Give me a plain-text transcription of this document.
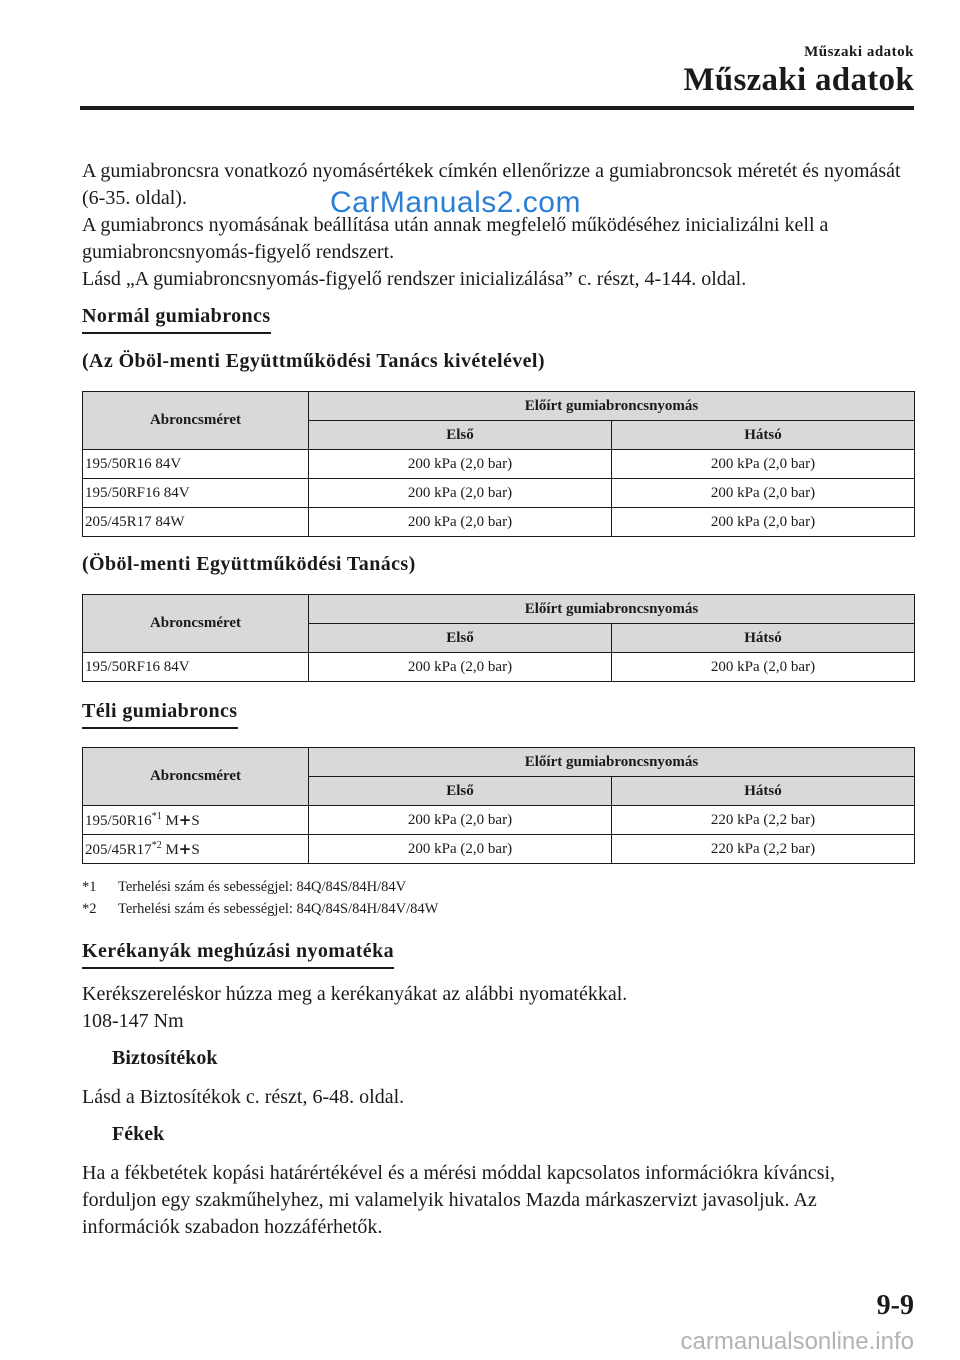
Műszaki adatok
Műszaki adatok
CarManuals2.com

A gumiabroncsra vonatkozó nyomásértékek címkén ellenőrizze a gumiabroncsok méretét és nyomását (6-35. oldal).

A gumiabroncs nyomásának beállítása után annak megfelelő működéséhez inicializálni kell a gumiabroncsnyomás-figyelő rendszert.

Lásd „A gumiabroncsnyomás-figyelő rendszer inicializálása” c. részt, 4-144. oldal.

Normál gumiabroncs
(Az Öböl-menti Együttműködési Tanács kivételével)
Abroncsméret	Előírt gumiabroncsnyomás	
	Első	Hátsó
195/50R16 84V	200 kPa (2,0 bar)	200 kPa (2,0 bar)
195/50RF16 84V	200 kPa (2,0 bar)	200 kPa (2,0 bar)
205/45R17 84W	200 kPa (2,0 bar)	200 kPa (2,0 bar)
(Öböl-menti Együttműködési Tanács)
Abroncsméret	Előírt gumiabroncsnyomás	
	Első	Hátsó
195/50RF16 84V	200 kPa (2,0 bar)	200 kPa (2,0 bar)
Téli gumiabroncs
Abroncsméret	Előírt gumiabroncsnyomás	
	Első	Hátsó
195/50R16$^{*1}$ M+S	200 kPa (2,0 bar)	220 kPa (2,2 bar)
205/45R17$^{*2}$ M+S	200 kPa (2,0 bar)	220 kPa (2,2 bar)
*1 Terhelési szám és sebességjel: 84Q/84S/84H/84V
*2 Terhelési szám és sebességjel: 84Q/84S/84H/84V/84W
Kerékanyák meghúzási nyomatéka

Kerékszereléskor húzza meg a kerékanyákat az alábbi nyomatékkal.

108-147 Nm

Biztosítékok

Lásd a Biztosítékok c. részt, 6-48. oldal.

Fékek

Ha a fékbetétek kopási határértékével és a mérési móddal kapcsolatos információkra kíváncsi, forduljon egy szakműhelyhez, mi valamelyik hivatalos Mazda márkaszervizt javasoljuk. Az információk szabadon hozzáférhetők.

9-9
carmanualsonline.info
